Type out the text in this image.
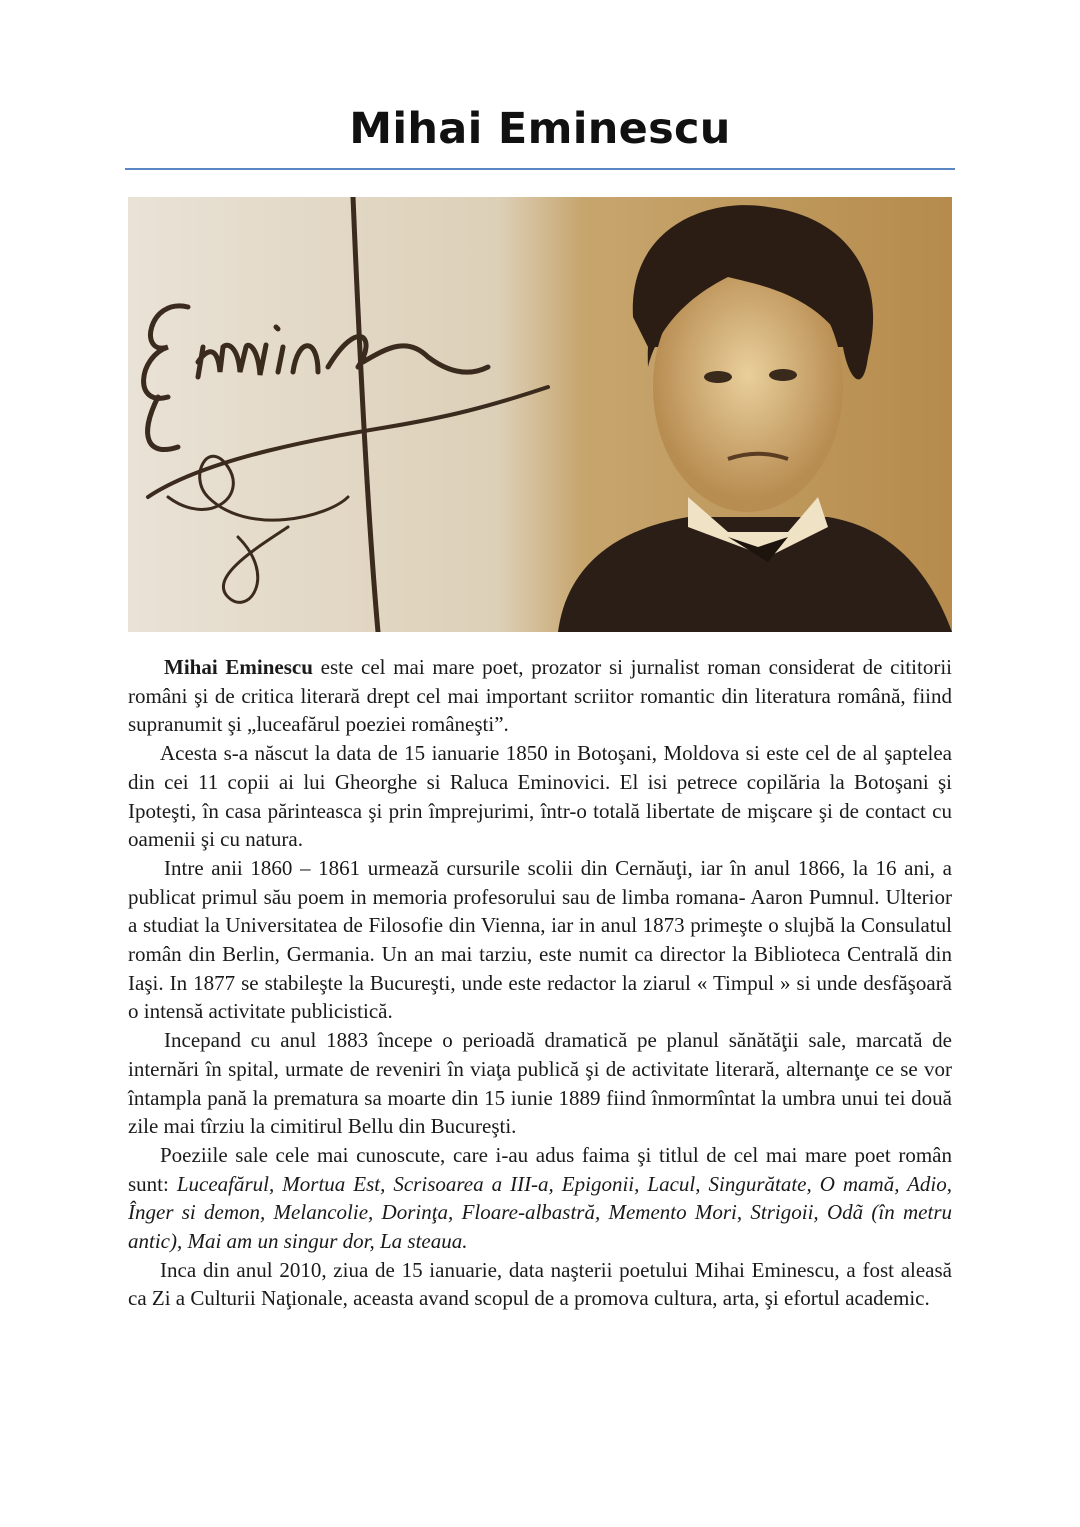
Mihai Eminescu

Mihai Eminescu este cel mai mare poet, prozator si jurnalist roman considerat de cititorii români şi de critica literară drept cel mai important scriitor romantic din literatura română, fiind supranumit şi „luceafărul poeziei româneşti”.

Acesta s-a născut la data de 15 ianuarie 1850 in Botoşani, Moldova si este cel de al şaptelea din cei 11 copii ai lui Gheorghe si Raluca Eminovici. El isi petrece copilăria la Botoşani şi Ipoteşti, în casa părinteasca şi prin împrejurimi, într-o totală libertate de mişcare şi de contact cu oamenii şi cu natura.

Intre anii 1860 – 1861 urmează cursurile scolii din Cernăuţi, iar în anul 1866, la 16 ani, a publicat primul său poem in memoria profesorului sau de limba romana- Aaron Pumnul. Ulterior a studiat la Universitatea de Filosofie din Vienna, iar in anul 1873 primeşte o slujbă la Consulatul român din Berlin, Germania. Un an mai tarziu, este numit ca director la Biblioteca Centrală din Iaşi. In 1877 se stabileşte la Bucureşti, unde este redactor la ziarul « Timpul » si unde desfăşoară o intensă activitate publicistică.

Incepand cu anul 1883 începe o perioadă dramatică pe planul sănătăţii sale, marcată de internări în spital, urmate de reveniri în viaţa publică şi de activitate literară, alternanţe ce se vor întampla pană la prematura sa moarte din 15 iunie 1889 fiind înmormîntat la umbra unui tei două zile mai tîrziu la cimitirul Bellu din Bucureşti.

Poeziile sale cele mai cunoscute, care i-au adus faima şi titlul de cel mai mare poet român sunt: Luceafărul, Mortua Est, Scrisoarea a III-a, Epigonii, Lacul, Singurătate, O mamă, Adio, Înger si demon, Melancolie, Dorinţa, Floare-albastră, Memento Mori, Strigoii, Odã (în metru antic), Mai am un singur dor, La steaua.

Inca din anul 2010, ziua de 15 ianuarie, data naşterii poetului Mihai Eminescu, a fost aleasă ca Zi a Culturii Naţionale, aceasta avand scopul de a promova cultura, arta, şi efortul academic.
